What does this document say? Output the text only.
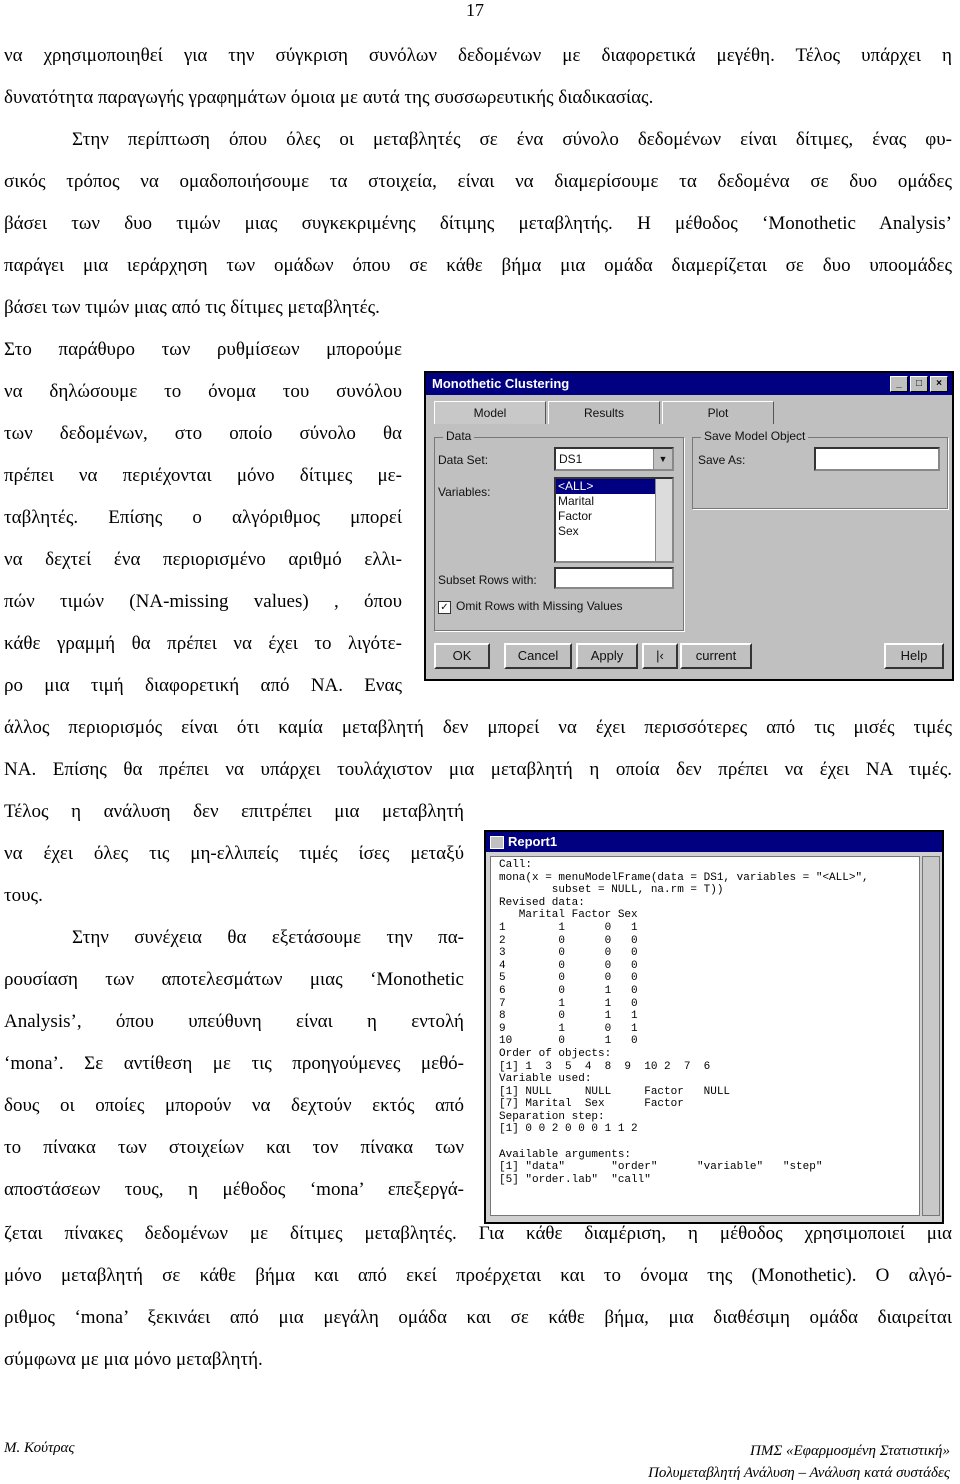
17
να χρησιμοποιηθεί για την σύγκριση συνόλων δεδομένων με διαφορετικά μεγέθη. Τέλος υπάρχει η
δυνατότητα παραγωγής γραφημάτων όμοια με αυτά της συσσωρευτικής διαδικασίας.
Στην περίπτωση όπου όλες οι μεταβλητές σε ένα σύνολο δεδομένων είναι δίτιμες, ένας φυ-
σικός τρόπος να ομαδοποιήσουμε τα στοιχεία, είναι να διαμερίσουμε τα δεδομένα σε δυο ομάδες
βάσει των δυο τιμών μιας συγκεκριμένης δίτιμης μεταβλητής. Η μέθοδος ‘Monothetic Analysis’
παράγει μια ιεράρχηση των ομάδων όπου σε κάθε βήμα μια ομάδα διαμερίζεται σε δυο υποομάδες
βάσει των τιμών μιας από τις δίτιμες μεταβλητές.
Στο παράθυρο των ρυθμίσεων μπορούμε
να δηλώσουμε το όνομα του συνόλου
των δεδομένων, στο οποίο σύνολο θα
πρέπει να περιέχονται μόνο δίτιμες με-
ταβλητές. Επίσης ο αλγόριθμος μπορεί
να δεχτεί ένα περιορισμένο αριθμό ελλι-
πών τιμών (NA-missing values) , όπου
κάθε γραμμή θα πρέπει να έχει το λιγότε-
ρο μια τιμή διαφορετική από NA. Ενας
Monothetic Clustering	_	□	×
Model	Results	Plot
Data
Data Set:	DS1	▼
Variables:	<ALL>
Marital
Factor
Sex
Subset Rows with:
✓ Omit Rows with Missing Values
Save Model Object
Save As:
OK	Cancel	Apply	|‹	current	Help
άλλος περιορισμός είναι ότι καμία μεταβλητή δεν μπορεί να έχει περισσότερες από τις μισές τιμές
NA. Επίσης θα πρέπει να υπάρχει τουλάχιστον μια μεταβλητή η οποία δεν πρέπει να έχει NA τιμές.
Τέλος η ανάλυση δεν επιτρέπει μια μεταβλητή
να έχει όλες τις μη-ελλιπείς τιμές ίσες μεταξύ
τους.
Στην συνέχεια θα εξετάσουμε την πα-
ρουσίαση των αποτελεσμάτων μιας ‘Monothetic
Analysis’, όπου υπεύθυνη είναι η εντολή
‘mona’. Σε αντίθεση με τις προηγούμενες μεθό-
δους οι οποίες μπορούν να δεχτούν εκτός από
το πίνακα των στοιχείων και τον πίνακα των
αποστάσεων τους, η μέθοδος ‘mona’ επεξεργά-
Report1
Call:
mona(x = menuModelFrame(data = DS1, variables = "<ALL>",
subset = NULL, na.rm = T))
Revised data:
Marital Factor Sex
1        1      0   1
2        0      0   0
3        0      0   0
4        0      0   0
5        0      0   0
6        0      1   0
7        1      1   0
8        0      1   1
9        1      0   1
10       0      1   0
Order of objects:
[1] 1  3  5  4  8  9  10 2  7  6
Variable used:
[1] NULL     NULL     Factor   NULL
[7] Marital  Sex      Factor
Separation step:
[1] 0 0 2 0 0 0 1 1 2

Available arguments:
[1] "data"       "order"      "variable"   "step"
[5] "order.lab"  "call"
ζεται πίνακες δεδομένων με δίτιμες μεταβλητές. Για κάθε διαμέριση, η μέθοδος χρησιμοποιεί μια
μόνο μεταβλητή σε κάθε βήμα και από εκεί προέρχεται και το όνομα της (Monothetic). Ο αλγό-
ριθμος ‘mona’ ξεκινάει από μια μεγάλη ομάδα και σε κάθε βήμα, μια διαθέσιμη ομάδα διαιρείται
σύμφωνα με μια μόνο μεταβλητή.
Μ. Κούτρας	ΠΜΣ «Εφαρμοσμένη Στατιστική»
Πολυμεταβλητή Ανάλυση – Ανάλυση κατά συστάδες
